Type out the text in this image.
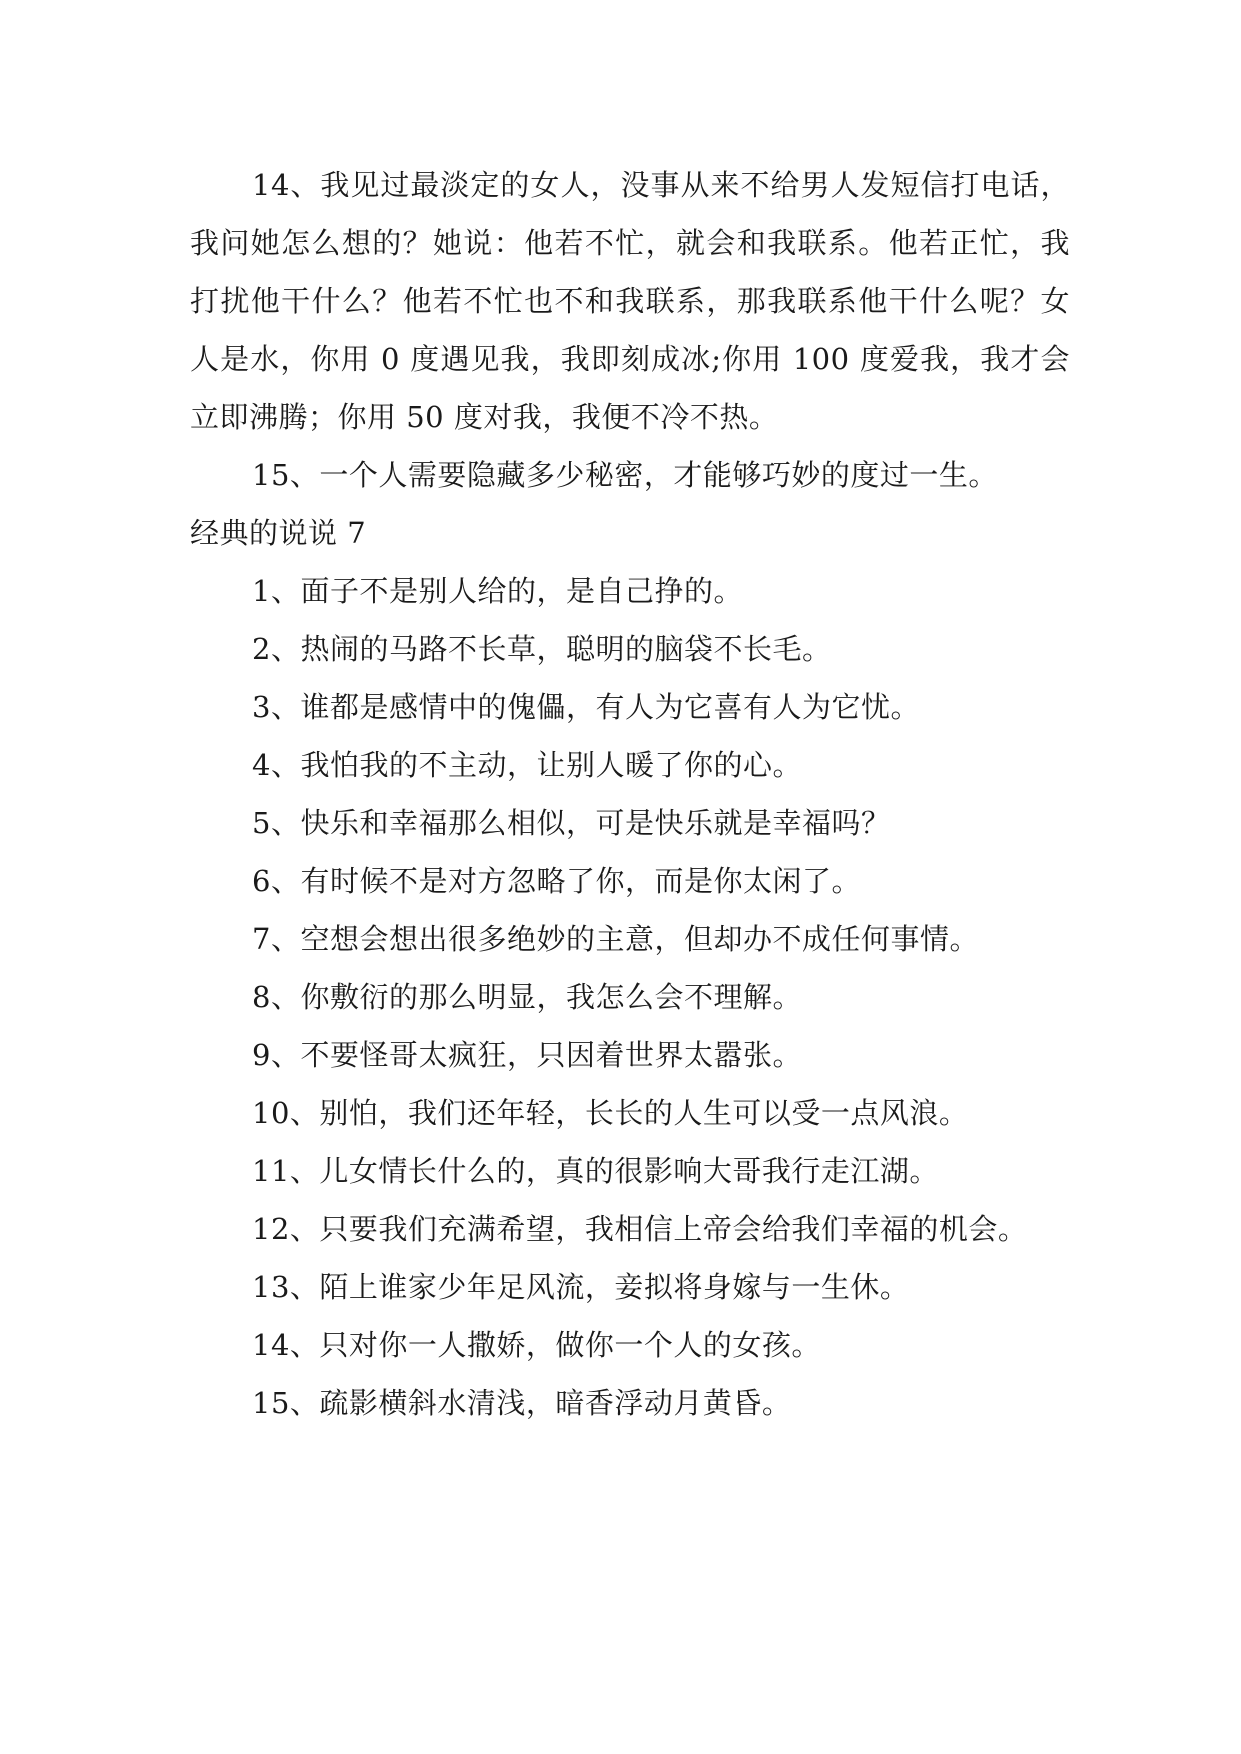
14、我见过最淡定的女人，没事从来不给男人发短信打电话，我问她怎么想的？她说：他若不忙，就会和我联系。他若正忙，我打扰他干什么？他若不忙也不和我联系，那我联系他干什么呢？女人是水，你用 0 度遇见我，我即刻成冰;你用 100 度爱我，我才会立即沸腾；你用 50 度对我，我便不冷不热。

15、一个人需要隐藏多少秘密，才能够巧妙的度过一生。

经典的说说 7

1、面子不是别人给的，是自己挣的。

2、热闹的马路不长草，聪明的脑袋不长毛。

3、谁都是感情中的傀儡，有人为它喜有人为它忧。

4、我怕我的不主动，让别人暖了你的心。

5、快乐和幸福那么相似，可是快乐就是幸福吗？

6、有时候不是对方忽略了你，而是你太闲了。

7、空想会想出很多绝妙的主意，但却办不成任何事情。

8、你敷衍的那么明显，我怎么会不理解。

9、不要怪哥太疯狂，只因着世界太嚣张。

10、别怕，我们还年轻，长长的人生可以受一点风浪。

11、儿女情长什么的，真的很影响大哥我行走江湖。

12、只要我们充满希望，我相信上帝会给我们幸福的机会。

13、陌上谁家少年足风流，妾拟将身嫁与一生休。

14、只对你一人撒娇，做你一个人的女孩。

15、疏影横斜水清浅，暗香浮动月黄昏。
